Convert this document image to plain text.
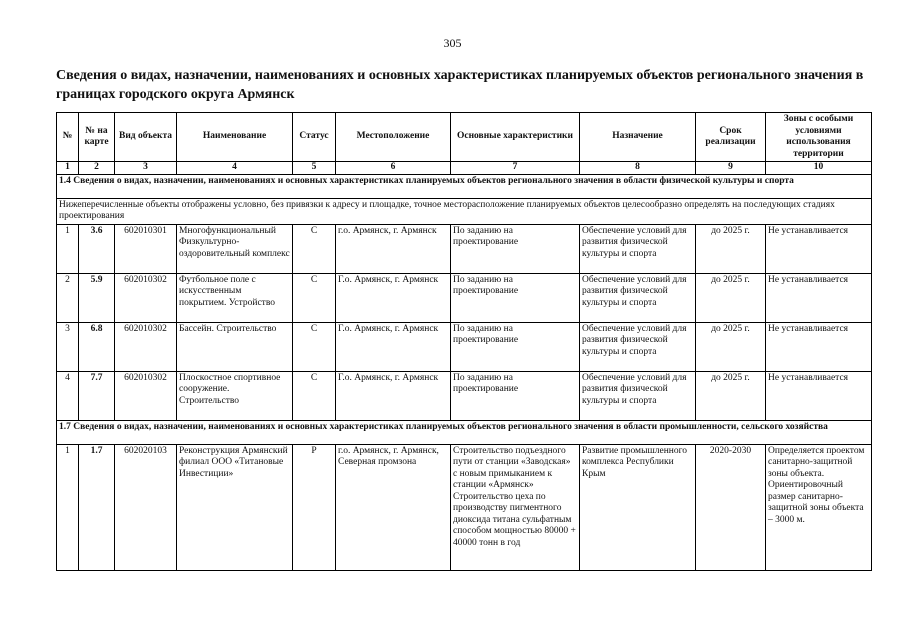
305
Сведения о видах, назначении, наименованиях и основных характеристиках планируемых объектов регионального значения в границах городского округа Армянск
№	№ на карте	Вид объекта	Наименование	Статус	Местоположение	Основные характеристики	Назначение	Срок реализации	Зоны с особыми условиями использования территории
1	2	3	4	5	6	7	8	9	10
1.4 Сведения о видах, назначении, наименованиях и основных характеристиках планируемых объектов регионального значения в области физической культуры и спорта									
Нижеперечисленные объекты отображены условно, без привязки к адресу и площадке, точное месторасположение планируемых объектов целесообразно определять на последующих стадиях проектирования									
1	3.6	602010301	Многофункциональный Физкультурно-оздоровительный комплекс	С	г.о. Армянск, г. Армянск	По заданию на проектирование	Обеспечение условий для развития физической культуры и спорта	до 2025 г.	Не устанавливается
2	5.9	602010302	Футбольное поле с искусственным покрытием. Устройство	С	Г.о. Армянск, г. Армянск	По заданию на проектирование	Обеспечение условий для развития физической культуры и спорта	до 2025 г.	Не устанавливается
3	6.8	602010302	Бассейн. Строительство	С	Г.о. Армянск, г. Армянск	По заданию на проектирование	Обеспечение условий для развития физической культуры и спорта	до 2025 г.	Не устанавливается
4	7.7	602010302	Плоскостное спортивное сооружение. Строительство	С	Г.о. Армянск, г. Армянск	По заданию на проектирование	Обеспечение условий для развития физической культуры и спорта	до 2025 г.	Не устанавливается
1.7 Сведения о видах, назначении, наименованиях и основных характеристиках планируемых объектов регионального значения в области промышленности, сельского хозяйства									
1	1.7	602020103	Реконструкция Армянский филиал ООО «Титановые Инвестиции»	Р	г.о. Армянск, г. Армянск, Северная промзона	Строительство подъездного пути от станции «Заводская» с новым примыканием к станции «Армянск» Строительство цеха по производству пигментного диоксида титана сульфатным способом мощностью 80000 + 40000 тонн в год	Развитие промышленного комплекса Республики Крым	2020-2030	Определяется проектом санитарно-защитной зоны объекта. Ориентировочный размер санитарно-защитной зоны объекта – 3000 м.
